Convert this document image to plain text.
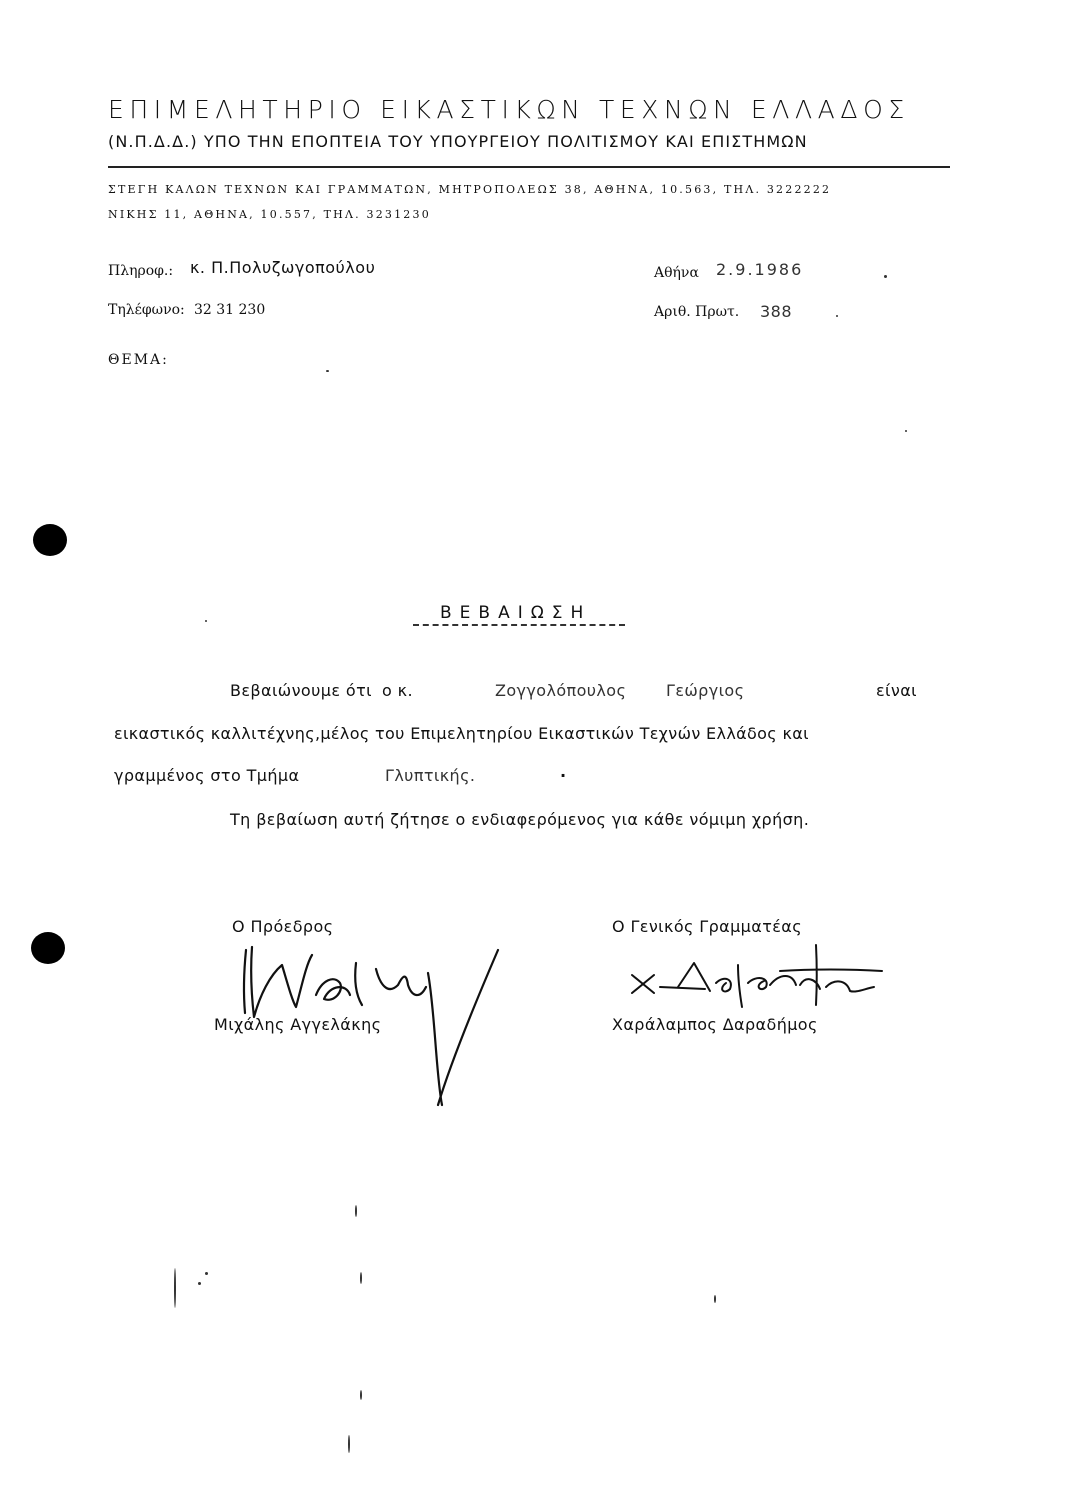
ΕΠΙΜΕΛΗΤΗΡΙΟ ΕΙΚΑΣΤΙΚΩΝ ΤΕΧΝΩΝ ΕΛΛΑΔΟΣ
(Ν.Π.Δ.Δ.) ΥΠΟ ΤΗΝ ΕΠΟΠΤΕΙΑ ΤΟΥ ΥΠΟΥΡΓΕΙΟΥ ΠΟΛΙΤΙΣΜΟΥ ΚΑΙ ΕΠΙΣΤΗΜΩΝ
ΣΤΕΓΗ ΚΑΛΩΝ ΤΕΧΝΩΝ ΚΑΙ ΓΡΑΜΜΑΤΩΝ, ΜΗΤΡΟΠΟΛΕΩΣ 38, ΑΘΗΝΑ, 10.563, ΤΗΛ. 3222222
ΝΙΚΗΣ 11, ΑΘΗΝΑ, 10.557, ΤΗΛ. 3231230
Πληροφ.: κ. Π.Πολυζωγοπούλου
Τηλέφωνο: 32 31 230
ΘΕΜΑ:
Αθήνα 2.9.1986
Αριθ. Πρωτ. 388
ΒΕΒΑΙΩΣΗ
Βεβαιώνουμε ότι ο κ.	Ζογγολόπουλος Γεώργιος	είναι
εικαστικός καλλιτέχνης,μέλος του Επιμελητηρίου Εικαστικών Τεχνών Ελλάδος και
γραμμένος στο Τμήμα	Γλυπτικής.	.
Τη βεβαίωση αυτή ζήτησε ο ενδιαφερόμενος για κάθε νόμιμη χρήση.
Ο Πρόεδρος
Μιχάλης Αγγελάκης
Ο Γενικός Γραμματέας
Χαράλαμπος Δαραδήμος
